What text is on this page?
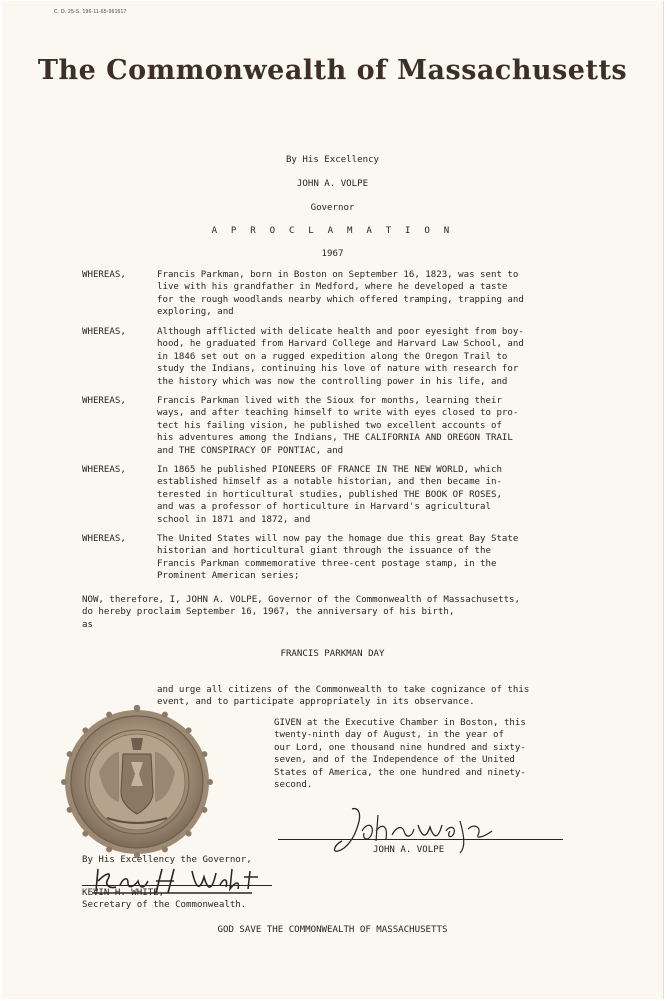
C. D. 25-S. 196-11-65-961617
The Commonwealth of Massachusetts
By His Excellency
JOHN A. VOLPE
Governor
A P R O C L A M A T I O N
1967
WHEREAS,	Francis Parkman, born in Boston on September 16, 1823, was sent to
live with his grandfather in Medford, where he developed a taste
for the rough woodlands nearby which offered tramping, trapping and
exploring, and
WHEREAS,	Although afflicted with delicate health and poor eyesight from boy-
hood, he graduated from Harvard College and Harvard Law School, and
in 1846 set out on a rugged expedition along the Oregon Trail to
study the Indians, continuing his love of nature with research for
the history which was now the controlling power in his life, and
WHEREAS,	Francis Parkman lived with the Sioux for months, learning their
ways, and after teaching himself to write with eyes closed to pro-
tect his failing vision, he published two excellent accounts of
his adventures among the Indians, THE CALIFORNIA AND OREGON TRAIL
and THE CONSPIRACY OF PONTIAC, and
WHEREAS,	In 1865 he published PIONEERS OF FRANCE IN THE NEW WORLD, which
established himself as a notable historian, and then became in-
terested in horticultural studies, published THE BOOK OF ROSES,
and was a professor of horticulture in Harvard's agricultural
school in 1871 and 1872, and
WHEREAS,	The United States will now pay the homage due this great Bay State
historian and horticultural giant through the issuance of the
Francis Parkman commemorative three-cent postage stamp, in the
Prominent American series;
NOW, therefore, I, JOHN A. VOLPE, Governor of the Commonwealth of Massachusetts,
do hereby proclaim September 16, 1967, the anniversary of his birth,
as
FRANCIS PARKMAN DAY
and urge all citizens of the Commonwealth to take cognizance of this
event, and to participate appropriately in its observance.
GIVEN at the Executive Chamber in Boston, this
twenty-ninth day of August, in the year of
our Lord, one thousand nine hundred and sixty-
seven, and of the Independence of the United
States of America, the one hundred and ninety-
second.
JOHN A. VOLPE
By His Excellency the Governor,
KEVIN H. WHITE,
Secretary of the Commonwealth.
GOD SAVE THE COMMONWEALTH OF MASSACHUSETTS
